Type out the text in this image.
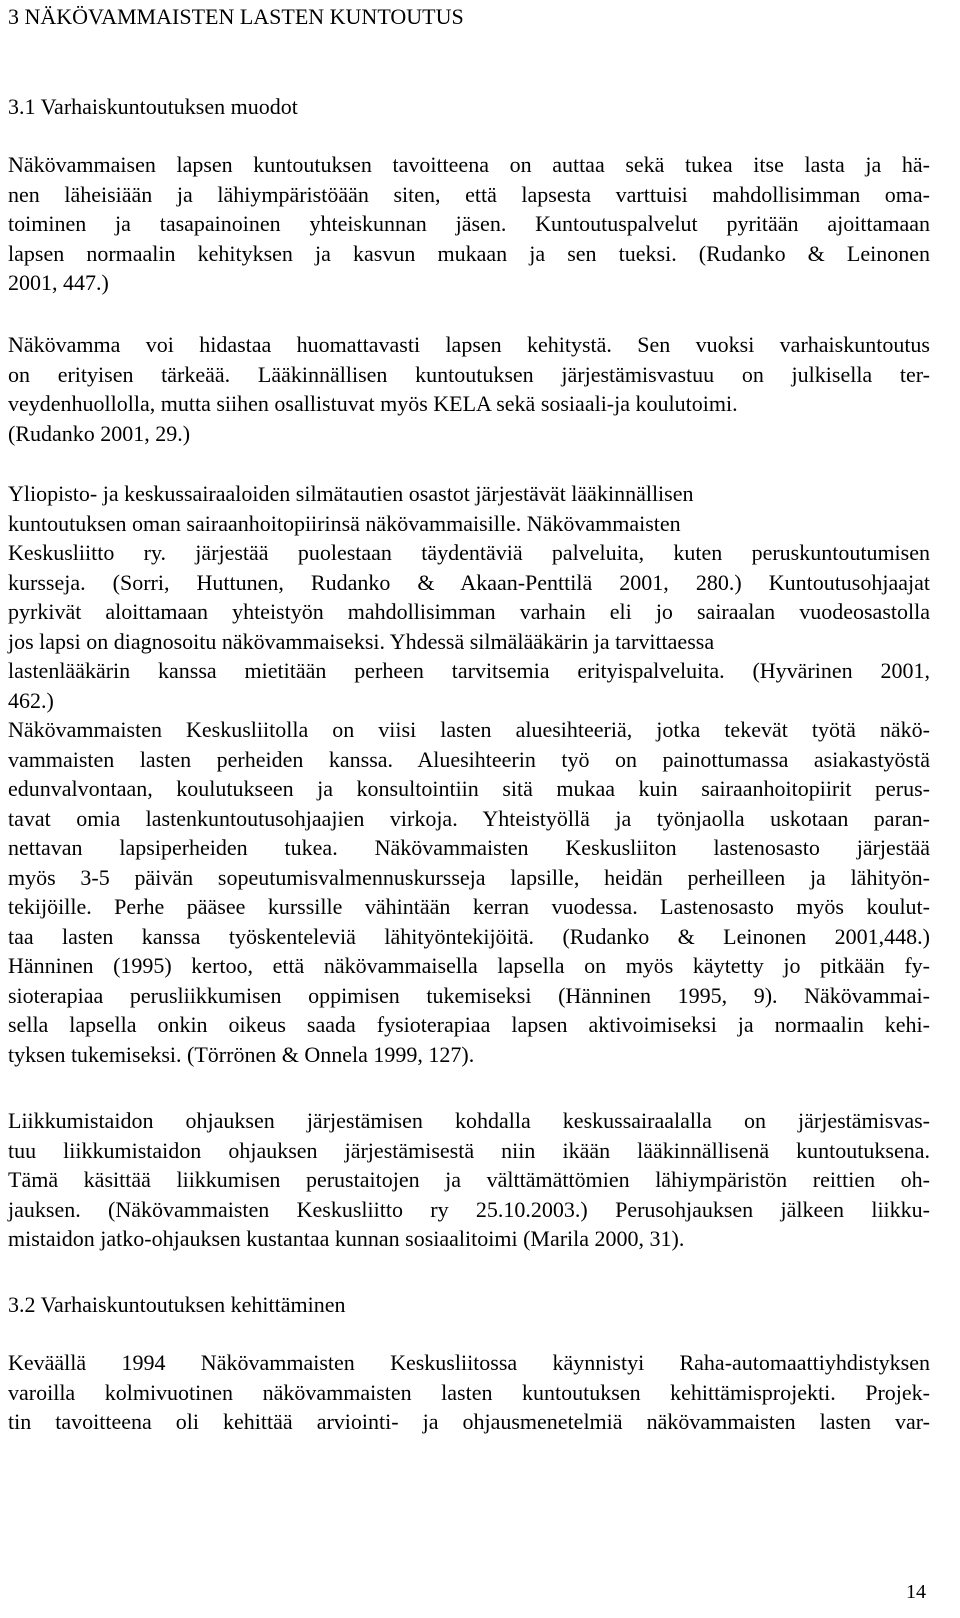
3 NÄKÖVAMMAISTEN LASTEN KUNTOUTUS
3.1 Varhaiskuntoutuksen muodot
Näkövammaisen lapsen kuntoutuksen tavoitteena on auttaa sekä tukea itse lasta ja hä-
nen läheisiään ja lähiympäristöään siten, että lapsesta varttuisi mahdollisimman oma-
toiminen ja tasapainoinen yhteiskunnan jäsen. Kuntoutuspalvelut pyritään ajoittamaan
lapsen normaalin kehityksen ja kasvun mukaan ja sen tueksi. (Rudanko & Leinonen
2001, 447.)
Näkövamma voi hidastaa huomattavasti lapsen kehitystä. Sen vuoksi varhaiskuntoutus
on erityisen tärkeää. Lääkinnällisen kuntoutuksen järjestämisvastuu on julkisella ter-
veydenhuollolla, mutta siihen osallistuvat myös KELA sekä sosiaali-ja koulutoimi.
(Rudanko 2001, 29.)
Yliopisto- ja keskussairaaloiden silmätautien osastot järjestävät lääkinnällisen
kuntoutuksen oman sairaanhoitopiirinsä näkövammaisille. Näkövammaisten
Keskusliitto ry. järjestää puolestaan täydentäviä palveluita, kuten peruskuntoutumisen
kursseja. (Sorri, Huttunen, Rudanko & Akaan-Penttilä 2001, 280.) Kuntoutusohjaajat
pyrkivät aloittamaan yhteistyön mahdollisimman varhain eli jo sairaalan vuodeosastolla
jos lapsi on diagnosoitu näkövammaiseksi. Yhdessä silmälääkärin ja tarvittaessa
lastenlääkärin kanssa mietitään perheen tarvitsemia erityispalveluita. (Hyvärinen 2001,
462.)
Näkövammaisten Keskusliitolla on viisi lasten aluesihteeriä, jotka tekevät työtä näkö-
vammaisten lasten perheiden kanssa. Aluesihteerin työ on painottumassa asiakastyöstä
edunvalvontaan, koulutukseen ja konsultointiin sitä mukaa kuin sairaanhoitopiirit perus-
tavat omia lastenkuntoutusohjaajien virkoja. Yhteistyöllä ja työnjaolla uskotaan paran-
nettavan lapsiperheiden tukea. Näkövammaisten Keskusliiton lastenosasto järjestää
myös 3-5 päivän sopeutumisvalmennuskursseja lapsille, heidän perheilleen ja lähityön-
tekijöille. Perhe pääsee kurssille vähintään kerran vuodessa. Lastenosasto myös koulut-
taa lasten kanssa työskenteleviä lähityöntekijöitä. (Rudanko & Leinonen 2001,448.)
Hänninen (1995) kertoo, että näkövammaisella lapsella on myös käytetty jo pitkään fy-
sioterapiaa perusliikkumisen oppimisen tukemiseksi (Hänninen 1995, 9). Näkövammai-
sella lapsella onkin oikeus saada fysioterapiaa lapsen aktivoimiseksi ja normaalin kehi-
tyksen tukemiseksi. (Törrönen & Onnela 1999, 127).
Liikkumistaidon ohjauksen järjestämisen kohdalla keskussairaalalla on järjestämisvas-
tuu liikkumistaidon ohjauksen järjestämisestä niin ikään lääkinnällisenä kuntoutuksena.
Tämä käsittää liikkumisen perustaitojen ja välttämättömien lähiympäristön reittien oh-
jauksen. (Näkövammaisten Keskusliitto ry 25.10.2003.) Perusohjauksen jälkeen liikku-
mistaidon jatko-ohjauksen kustantaa kunnan sosiaalitoimi (Marila 2000, 31).
3.2 Varhaiskuntoutuksen kehittäminen
Keväällä 1994 Näkövammaisten Keskusliitossa käynnistyi Raha-automaattiyhdistyksen
varoilla kolmivuotinen näkövammaisten lasten kuntoutuksen kehittämisprojekti. Projek-
tin tavoitteena oli kehittää arviointi- ja ohjausmenetelmiä näkövammaisten lasten var-
14
